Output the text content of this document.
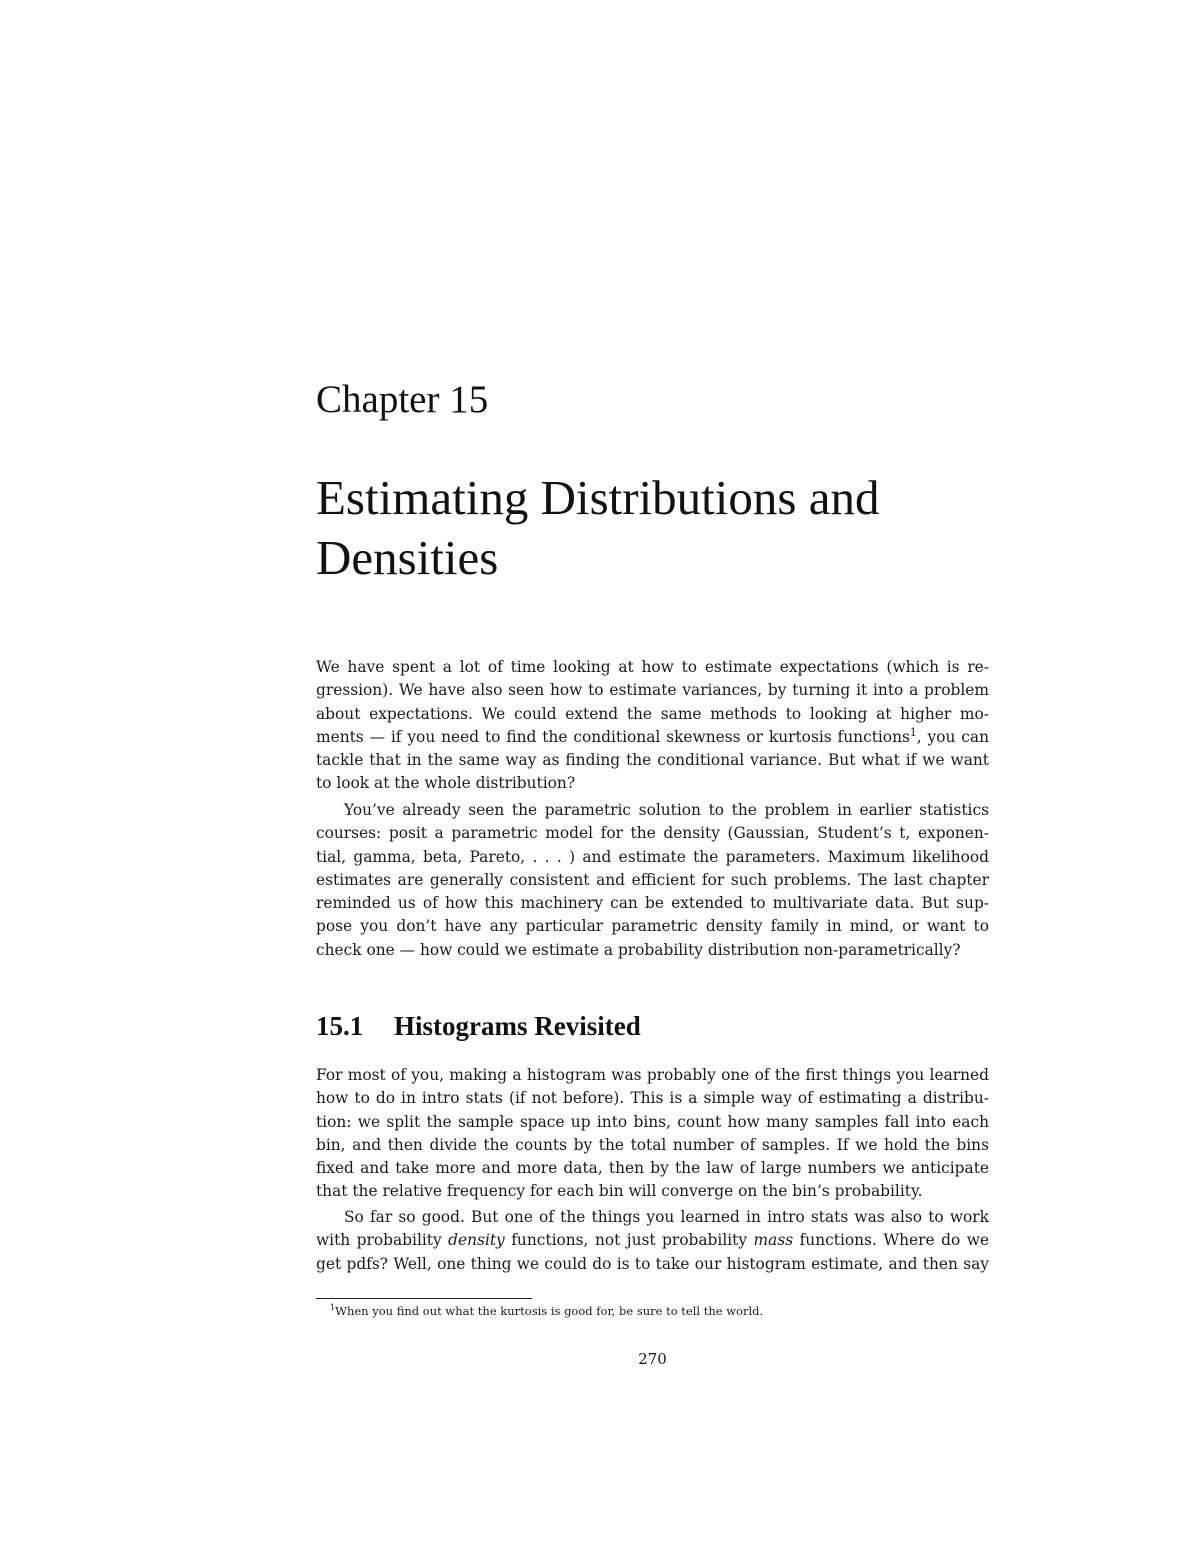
Chapter 15
Estimating Distributions and
Densities
We have spent a lot of time looking at how to estimate expectations (which is re-
gression). We have also seen how to estimate variances, by turning it into a problem
about expectations. We could extend the same methods to looking at higher mo-
ments — if you need to find the conditional skewness or kurtosis functions$^1$, you can
tackle that in the same way as finding the conditional variance. But what if we want
to look at the whole distribution?
You’ve already seen the parametric solution to the problem in earlier statistics
courses: posit a parametric model for the density (Gaussian, Student’s t, exponen-
tial, gamma, beta, Pareto, . . . ) and estimate the parameters. Maximum likelihood
estimates are generally consistent and efficient for such problems. The last chapter
reminded us of how this machinery can be extended to multivariate data. But sup-
pose you don’t have any particular parametric density family in mind, or want to
check one — how could we estimate a probability distribution non-parametrically?
15.1 Histograms Revisited
For most of you, making a histogram was probably one of the first things you learned
how to do in intro stats (if not before). This is a simple way of estimating a distribu-
tion: we split the sample space up into bins, count how many samples fall into each
bin, and then divide the counts by the total number of samples. If we hold the bins
fixed and take more and more data, then by the law of large numbers we anticipate
that the relative frequency for each bin will converge on the bin’s probability.
So far so good. But one of the things you learned in intro stats was also to work
with probability density functions, not just probability mass functions. Where do we
get pdfs? Well, one thing we could do is to take our histogram estimate, and then say
$^1$When you find out what the kurtosis is good for, be sure to tell the world.
270
